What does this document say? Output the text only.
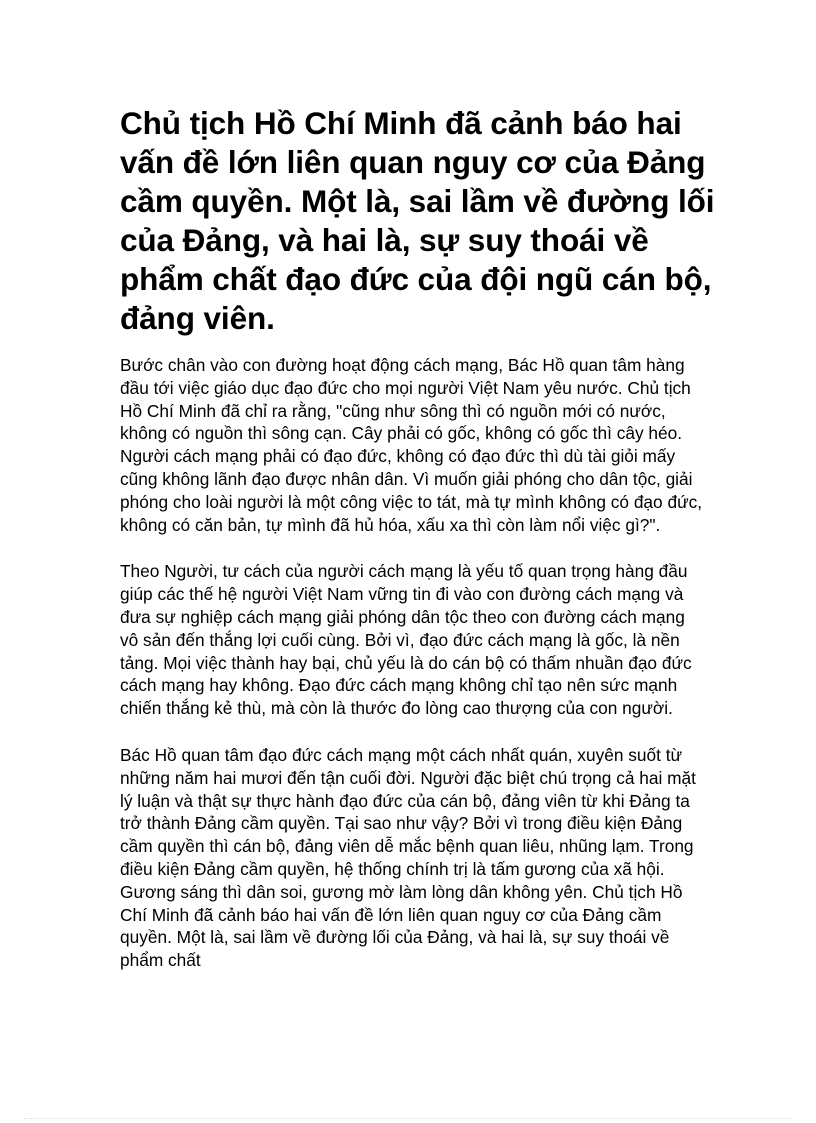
Chủ tịch Hồ Chí Minh đã cảnh báo hai vấn đề lớn liên quan nguy cơ của Đảng cầm quyền. Một là, sai lầm về đường lối của Đảng, và hai là, sự suy thoái về phẩm chất đạo đức của đội ngũ cán bộ, đảng viên.

Bước chân vào con đường hoạt động cách mạng, Bác Hồ quan tâm hàng đầu tới việc giáo dục đạo đức cho mọi người Việt Nam yêu nước. Chủ tịch Hồ Chí Minh đã chỉ ra rằng, "cũng như sông thì có nguồn mới có nước, không có nguồn thì sông cạn. Cây phải có gốc, không có gốc thì cây héo. Người cách mạng phải có đạo đức, không có đạo đức thì dù tài giỏi mấy cũng không lãnh đạo được nhân dân. Vì muốn giải phóng cho dân tộc, giải phóng cho loài người là một công việc to tát, mà tự mình không có đạo đức, không có căn bản, tự mình đã hủ hóa, xấu xa thì còn làm nổi việc gì?".

Theo Người, tư cách của người cách mạng là yếu tố quan trọng hàng đầu giúp các thế hệ người Việt Nam vững tin đi vào con đường cách mạng và đưa sự nghiệp cách mạng giải phóng dân tộc theo con đường cách mạng vô sản đến thắng lợi cuối cùng. Bởi vì, đạo đức cách mạng là gốc, là nền tảng. Mọi việc thành hay bại, chủ yếu là do cán bộ có thấm nhuần đạo đức cách mạng hay không. Đạo đức cách mạng không chỉ tạo nên sức mạnh chiến thắng kẻ thù, mà còn là thước đo lòng cao thượng của con người.

Bác Hồ quan tâm đạo đức cách mạng một cách nhất quán, xuyên suốt từ những năm hai mươi đến tận cuối đời. Người đặc biệt chú trọng cả hai mặt lý luận và thật sự thực hành đạo đức của cán bộ, đảng viên từ khi Đảng ta trở thành Đảng cầm quyền. Tại sao như vậy? Bởi vì trong điều kiện Đảng cầm quyền thì cán bộ, đảng viên dễ mắc bệnh quan liêu, nhũng lạm. Trong điều kiện Đảng cầm quyền, hệ thống chính trị là tấm gương của xã hội. Gương sáng thì dân soi, gương mờ làm lòng dân không yên. Chủ tịch Hồ Chí Minh đã cảnh báo hai vấn đề lớn liên quan nguy cơ của Đảng cầm quyền. Một là, sai lầm về đường lối của Đảng, và hai là, sự suy thoái về phẩm chất
